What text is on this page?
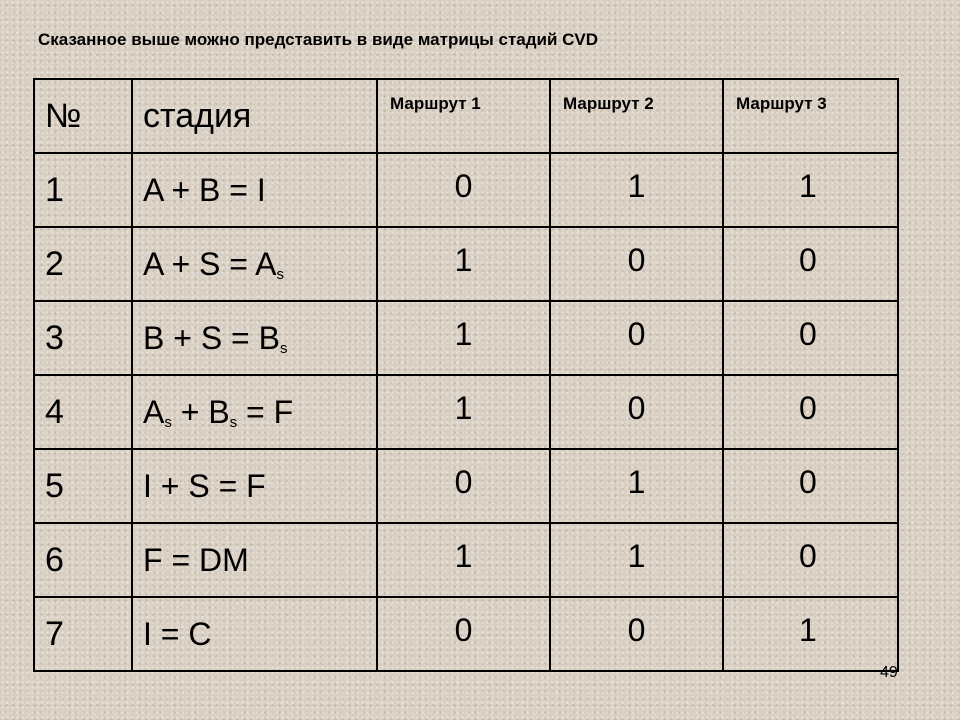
Сказанное выше можно представить в виде матрицы стадий CVD
№	стадия	Маршрут 1	Маршрут 2	Маршрут 3
1	A + B = I	0	1	1
2	$A + S = A_s$	1	0	0
3	$B + S = B_s$	1	0	0
4	$A_s + B_s = F$	1	0	0
5	I + S = F	0	1	0
6	F = DM	1	1	0
7	I = C	0	0	1
49
